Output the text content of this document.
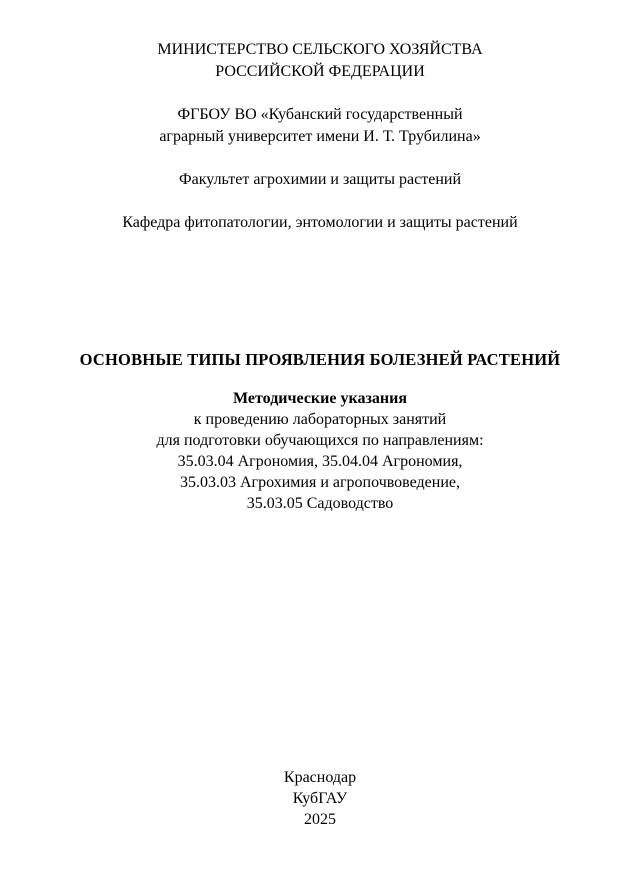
МИНИСТЕРСТВО СЕЛЬСКОГО ХОЗЯЙСТВА
РОССИЙСКОЙ ФЕДЕРАЦИИ
ФГБОУ ВО «Кубанский государственный
аграрный университет имени И. Т. Трубилина»
Факультет агрохимии и защиты растений
Кафедра фитопатологии, энтомологии и защиты растений
ОСНОВНЫЕ ТИПЫ ПРОЯВЛЕНИЯ БОЛЕЗНЕЙ РАСТЕНИЙ
Методические указания
к проведению лабораторных занятий
для подготовки обучающихся по направлениям:
35.03.04 Агрономия, 35.04.04 Агрономия,
35.03.03 Агрохимия и агропочвоведение,
35.03.05 Садоводство
Краснодар
КубГАУ
2025
